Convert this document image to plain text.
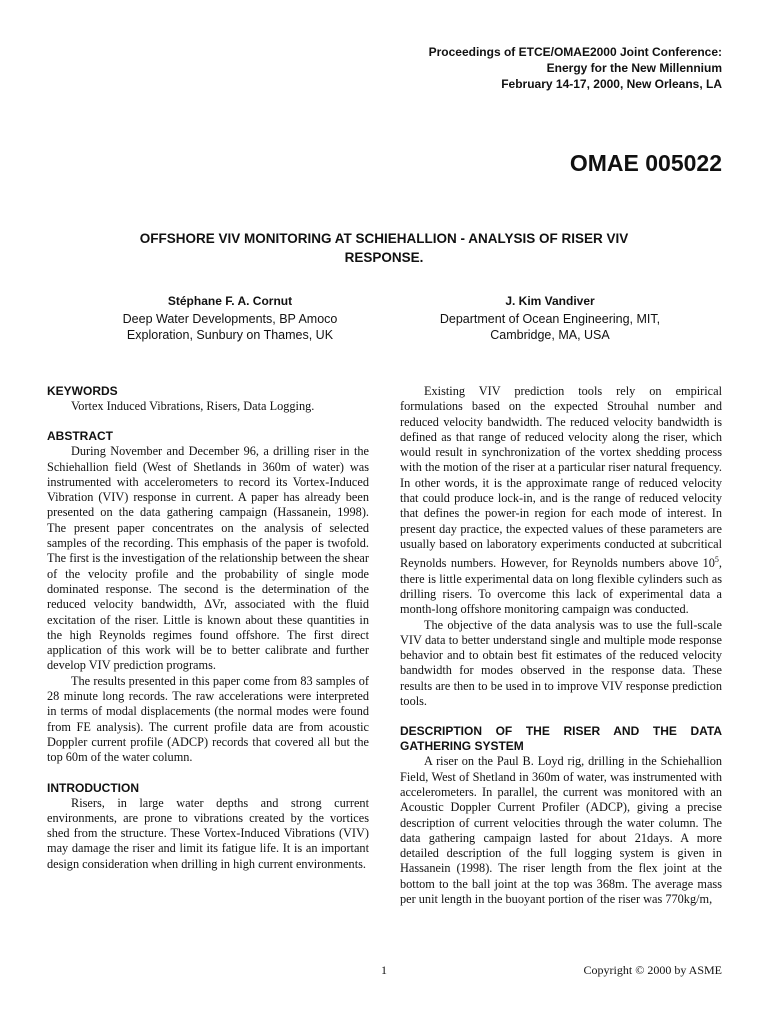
Proceedings of ETCE/OMAE2000 Joint Conference:
Energy for the New Millennium
February 14-17, 2000, New Orleans, LA
OMAE 005022
OFFSHORE VIV MONITORING AT SCHIEHALLION - ANALYSIS OF RISER VIV
RESPONSE.
Stéphane F. A. Cornut
Deep Water Developments, BP Amoco
Exploration, Sunbury on Thames, UK
J. Kim Vandiver
Department of Ocean Engineering, MIT,
Cambridge, MA, USA
KEYWORDS

Vortex Induced Vibrations, Risers, Data Logging.

ABSTRACT

During November and December 96, a drilling riser in the Schiehallion field (West of Shetlands in 360m of water) was instrumented with accelerometers to record its Vortex-Induced Vibration (VIV) response in current. A paper has already been presented on the data gathering campaign (Hassanein, 1998). The present paper concentrates on the analysis of selected samples of the recording. This emphasis of the paper is twofold. The first is the investigation of the relationship between the shear of the velocity profile and the probability of single mode dominated response. The second is the determination of the reduced velocity bandwidth, ΔVr, associated with the fluid excitation of the riser. Little is known about these quantities in the high Reynolds regimes found offshore. The first direct application of this work will be to better calibrate and further develop VIV prediction programs.

The results presented in this paper come from 83 samples of 28 minute long records. The raw accelerations were interpreted in terms of modal displacements (the normal modes were found from FE analysis). The current profile data are from acoustic Doppler current profile (ADCP) records that covered all but the top 60m of the water column.

INTRODUCTION

Risers, in large water depths and strong current environments, are prone to vibrations created by the vortices shed from the structure. These Vortex-Induced Vibrations (VIV) may damage the riser and limit its fatigue life. It is an important design consideration when drilling in high current environments.

Existing VIV prediction tools rely on empirical formulations based on the expected Strouhal number and reduced velocity bandwidth. The reduced velocity bandwidth is defined as that range of reduced velocity along the riser, which would result in synchronization of the vortex shedding process with the motion of the riser at a particular riser natural frequency. In other words, it is the approximate range of reduced velocity that could produce lock-in, and is the range of reduced velocity that defines the power-in region for each mode of interest. In present day practice, the expected values of these parameters are usually based on laboratory experiments conducted at subcritical Reynolds numbers. However, for Reynolds numbers above $10^5$, there is little experimental data on long flexible cylinders such as drilling risers. To overcome this lack of experimental data a month-long offshore monitoring campaign was conducted.

The objective of the data analysis was to use the full-scale VIV data to better understand single and multiple mode response behavior and to obtain best fit estimates of the reduced velocity bandwidth for modes observed in the response data. These results are then to be used in to improve VIV response prediction tools.

DESCRIPTION OF THE RISER AND THE DATA GATHERING SYSTEM

A riser on the Paul B. Loyd rig, drilling in the Schiehallion Field, West of Shetland in 360m of water, was instrumented with accelerometers. In parallel, the current was monitored with an Acoustic Doppler Current Profiler (ADCP), giving a precise description of current velocities through the water column. The data gathering campaign lasted for about 21days. A more detailed description of the full logging system is given in Hassanein (1998). The riser length from the flex joint at the bottom to the ball joint at the top was 368m. The average mass per unit length in the buoyant portion of the riser was 770kg/m,

1	Copyright © 2000 by ASME
